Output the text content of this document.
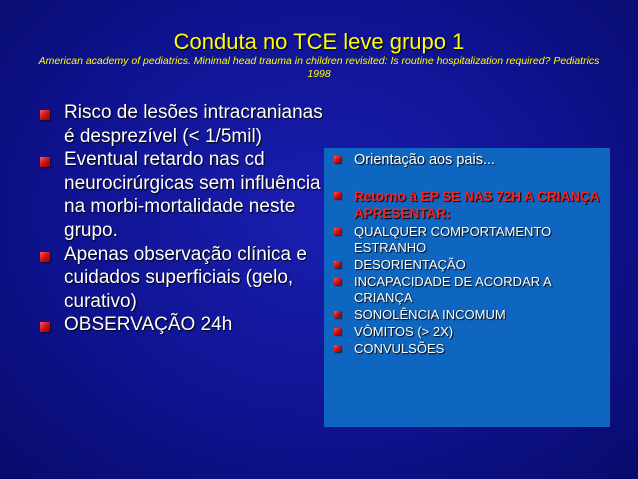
Conduta no TCE leve grupo 1
American academy of pediatrics. Minimal head trauma in children revisited: Is routine hospitalization required? Pediatrics 1998
Risco de lesões intracranianas é desprezível (< 1/5mil)
Eventual retardo nas cd neurocirúrgicas sem influência na morbi-mortalidade neste grupo.
Apenas observação clínica e cuidados superficiais (gelo, curativo)
OBSERVAÇÃO 24h
Orientação aos pais...
Retorno à EP SE NAS 72H A CRIANÇA APRESENTAR:
QUALQUER COMPORTAMENTO ESTRANHO
DESORIENTAÇÃO
INCAPACIDADE DE ACORDAR A CRIANÇA
SONOLÊNCIA INCOMUM
VÔMITOS (> 2X)
CONVULSÕES
